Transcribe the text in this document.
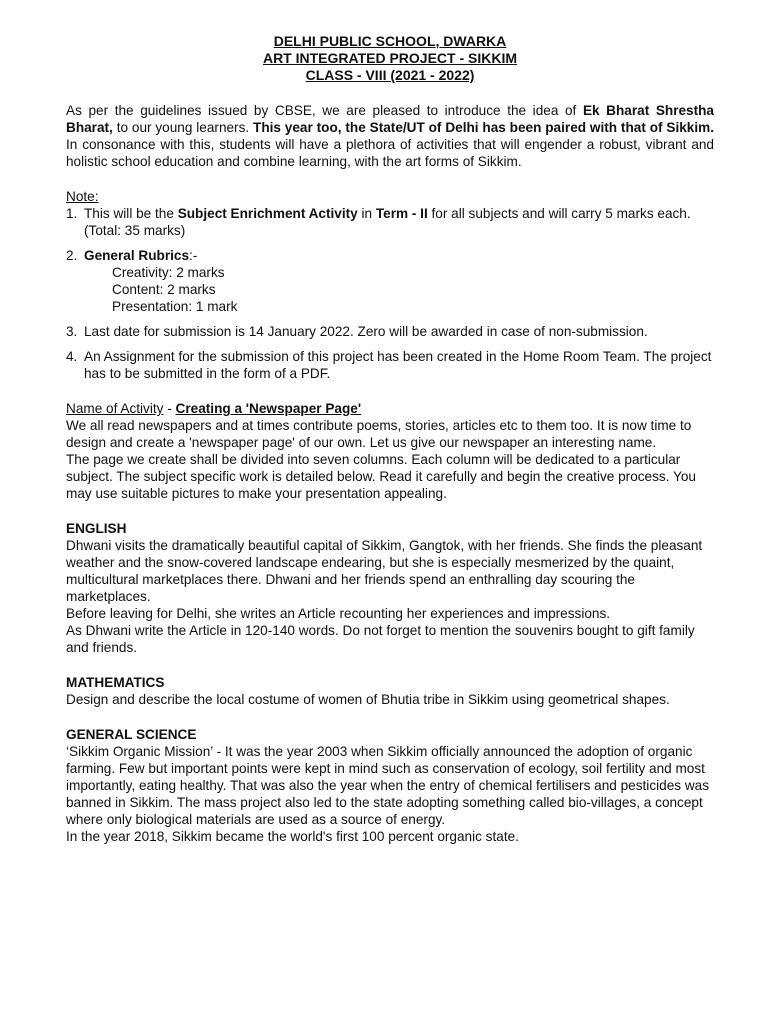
DELHI PUBLIC SCHOOL, DWARKA
ART INTEGRATED PROJECT - SIKKIM
CLASS - VIII (2021 - 2022)

As per the guidelines issued by CBSE, we are pleased to introduce the idea of Ek Bharat Shrestha Bharat, to our young learners. This year too, the State/UT of Delhi has been paired with that of Sikkim. In consonance with this, students will have a plethora of activities that will engender a robust, vibrant and holistic school education and combine learning, with the art forms of Sikkim.

Note:
1. This will be the Subject Enrichment Activity in Term - II for all subjects and will carry 5 marks each. (Total: 35 marks)
2. General Rubrics:-
Creativity: 2 marks
Content: 2 marks
Presentation: 1 mark
3. Last date for submission is 14 January 2022. Zero will be awarded in case of non-submission.
4. An Assignment for the submission of this project has been created in the Home Room Team. The project has to be submitted in the form of a PDF.
Name of Activity - Creating a 'Newspaper Page'

We all read newspapers and at times contribute poems, stories, articles etc to them too. It is now time to design and create a 'newspaper page' of our own. Let us give our newspaper an interesting name.

The page we create shall be divided into seven columns. Each column will be dedicated to a particular subject. The subject specific work is detailed below. Read it carefully and begin the creative process. You may use suitable pictures to make your presentation appealing.

ENGLISH

Dhwani visits the dramatically beautiful capital of Sikkim, Gangtok, with her friends. She finds the pleasant weather and the snow-covered landscape endearing, but she is especially mesmerized by the quaint, multicultural marketplaces there. Dhwani and her friends spend an enthralling day scouring the marketplaces.

Before leaving for Delhi, she writes an Article recounting her experiences and impressions.

As Dhwani write the Article in 120-140 words. Do not forget to mention the souvenirs bought to gift family and friends.

MATHEMATICS

Design and describe the local costume of women of Bhutia tribe in Sikkim using geometrical shapes.

GENERAL SCIENCE

‘Sikkim Organic Mission’ - It was the year 2003 when Sikkim officially announced the adoption of organic farming. Few but important points were kept in mind such as conservation of ecology, soil fertility and most importantly, eating healthy. That was also the year when the entry of chemical fertilisers and pesticides was banned in Sikkim. The mass project also led to the state adopting something called bio-villages, a concept where only biological materials are used as a source of energy.

In the year 2018, Sikkim became the world's first 100 percent organic state.
